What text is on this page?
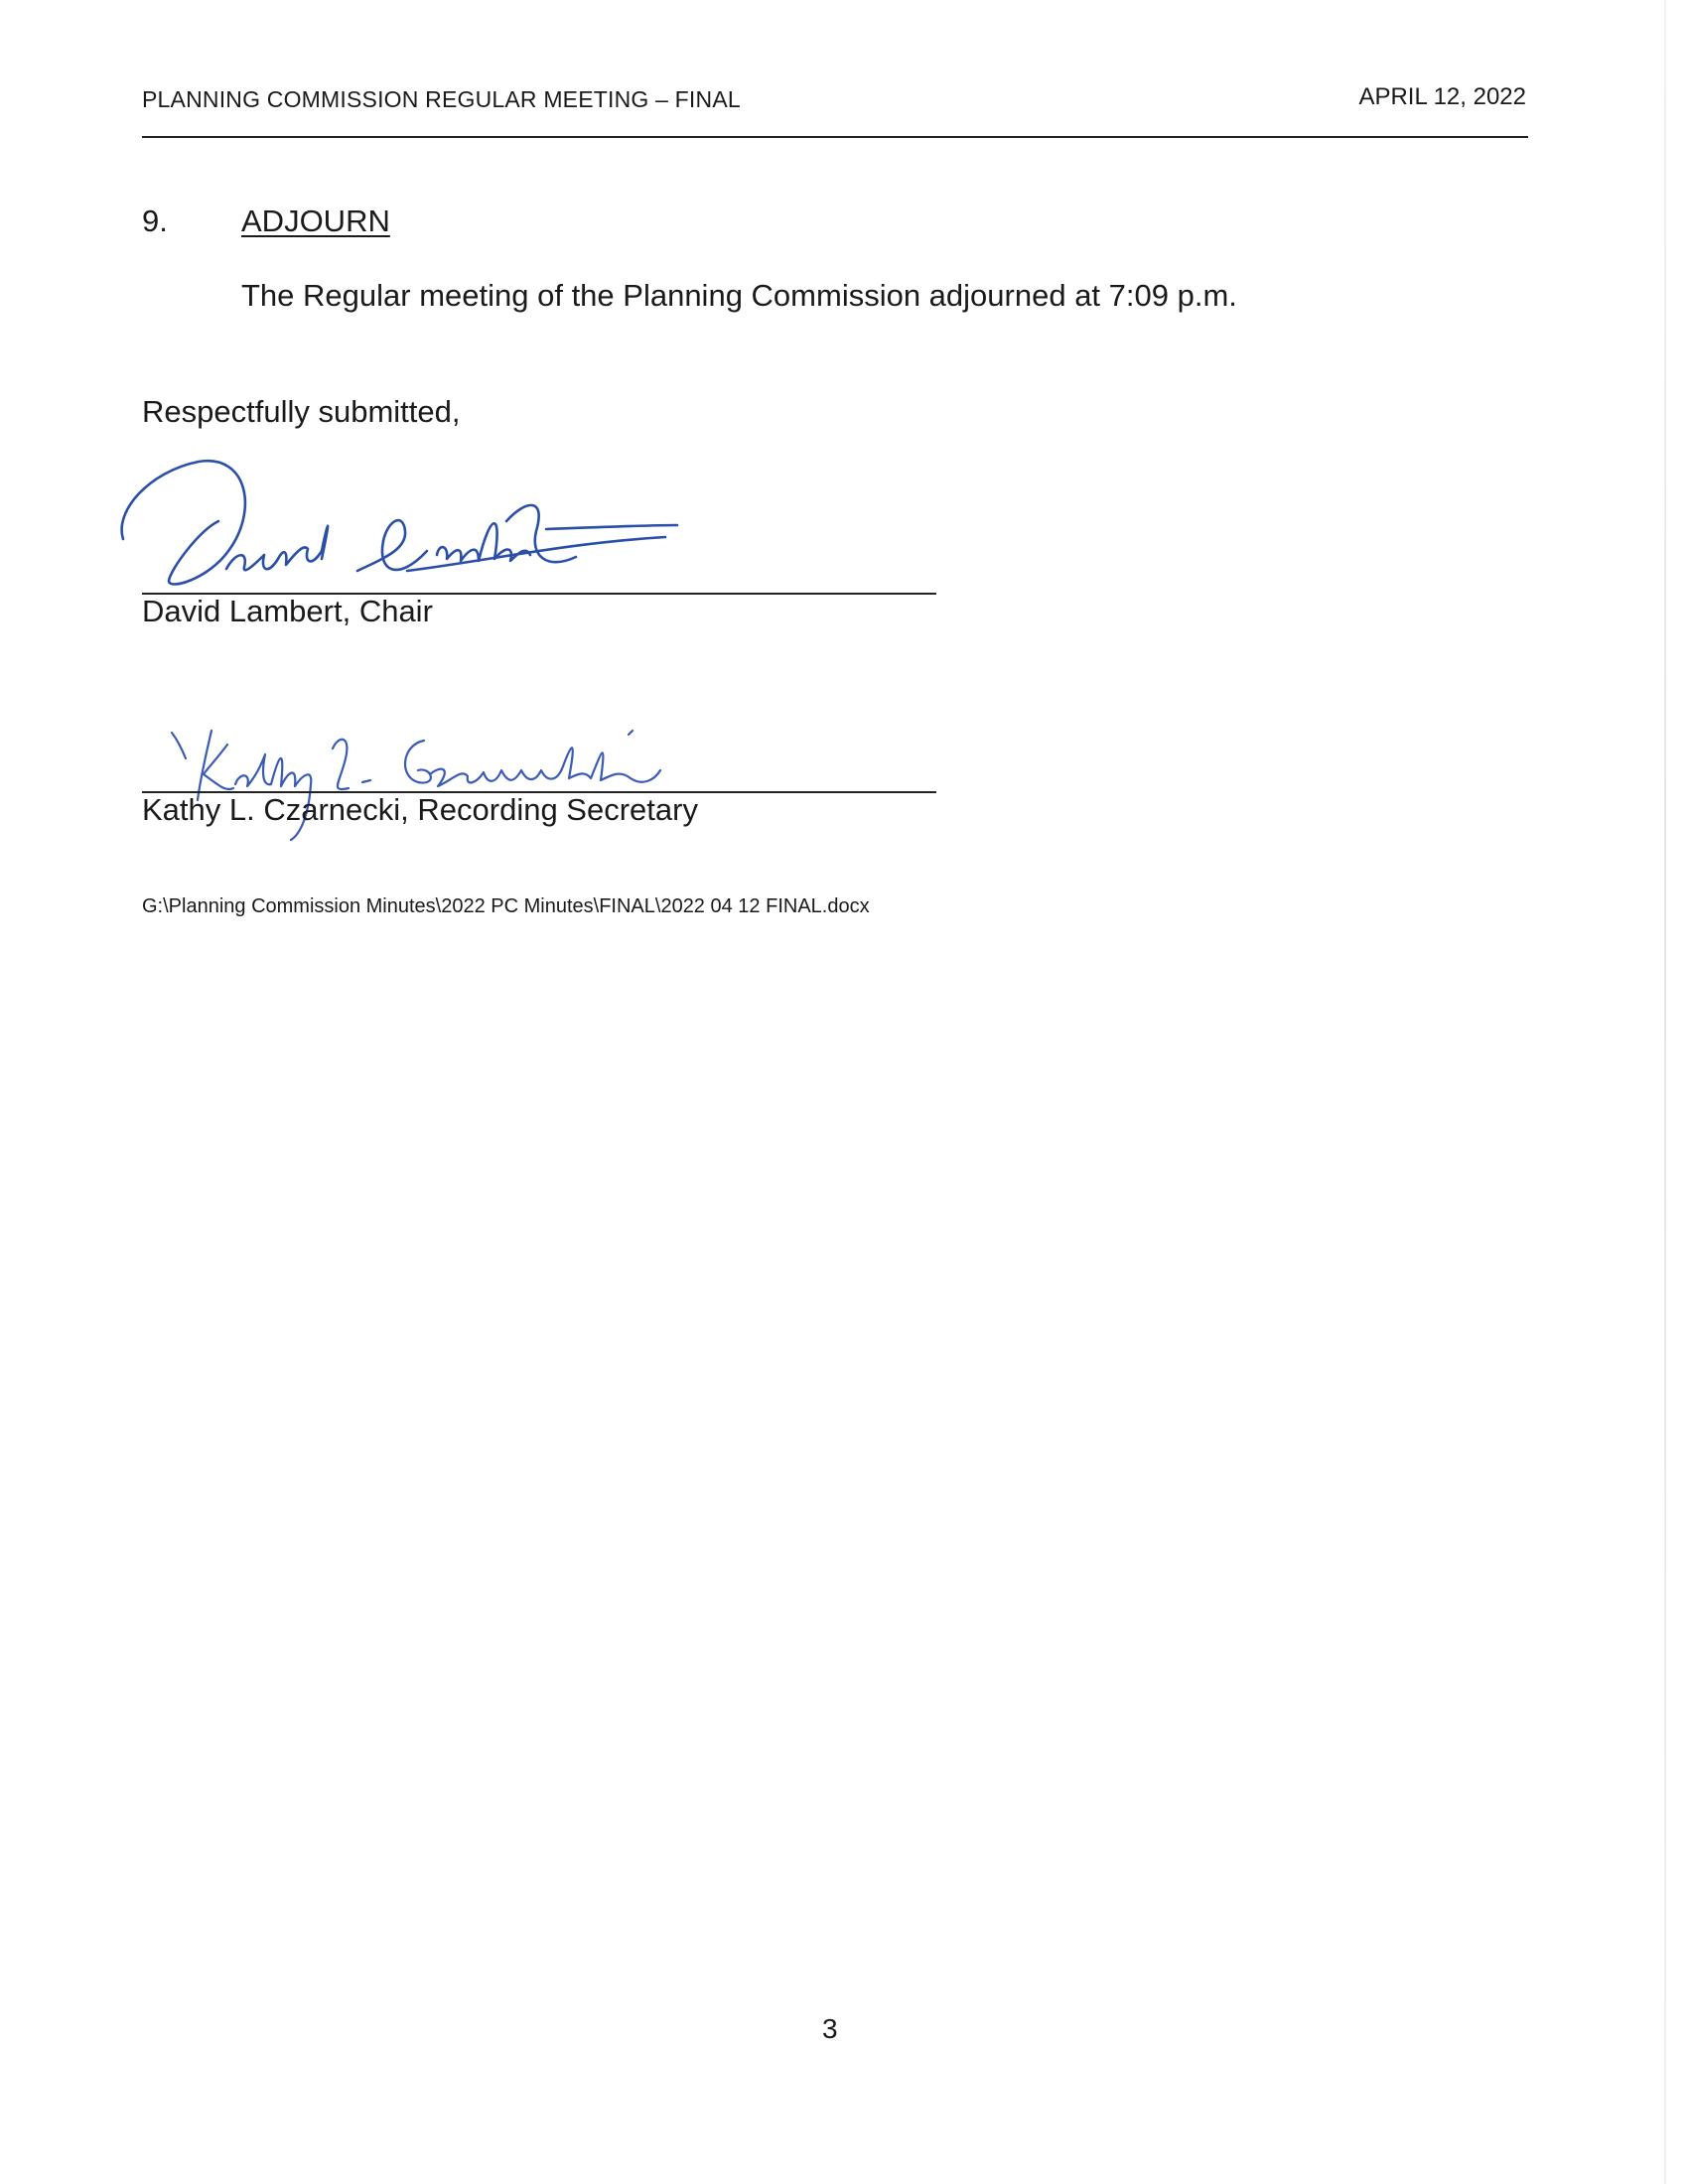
PLANNING COMMISSION REGULAR MEETING – FINAL	APRIL 12, 2022
9. ADJOURN
The Regular meeting of the Planning Commission adjourned at 7:09 p.m.
Respectfully submitted,
David Lambert, Chair
Kathy L. Czarnecki, Recording Secretary
G:\Planning Commission Minutes\2022 PC Minutes\FINAL\2022 04 12 FINAL.docx
3
